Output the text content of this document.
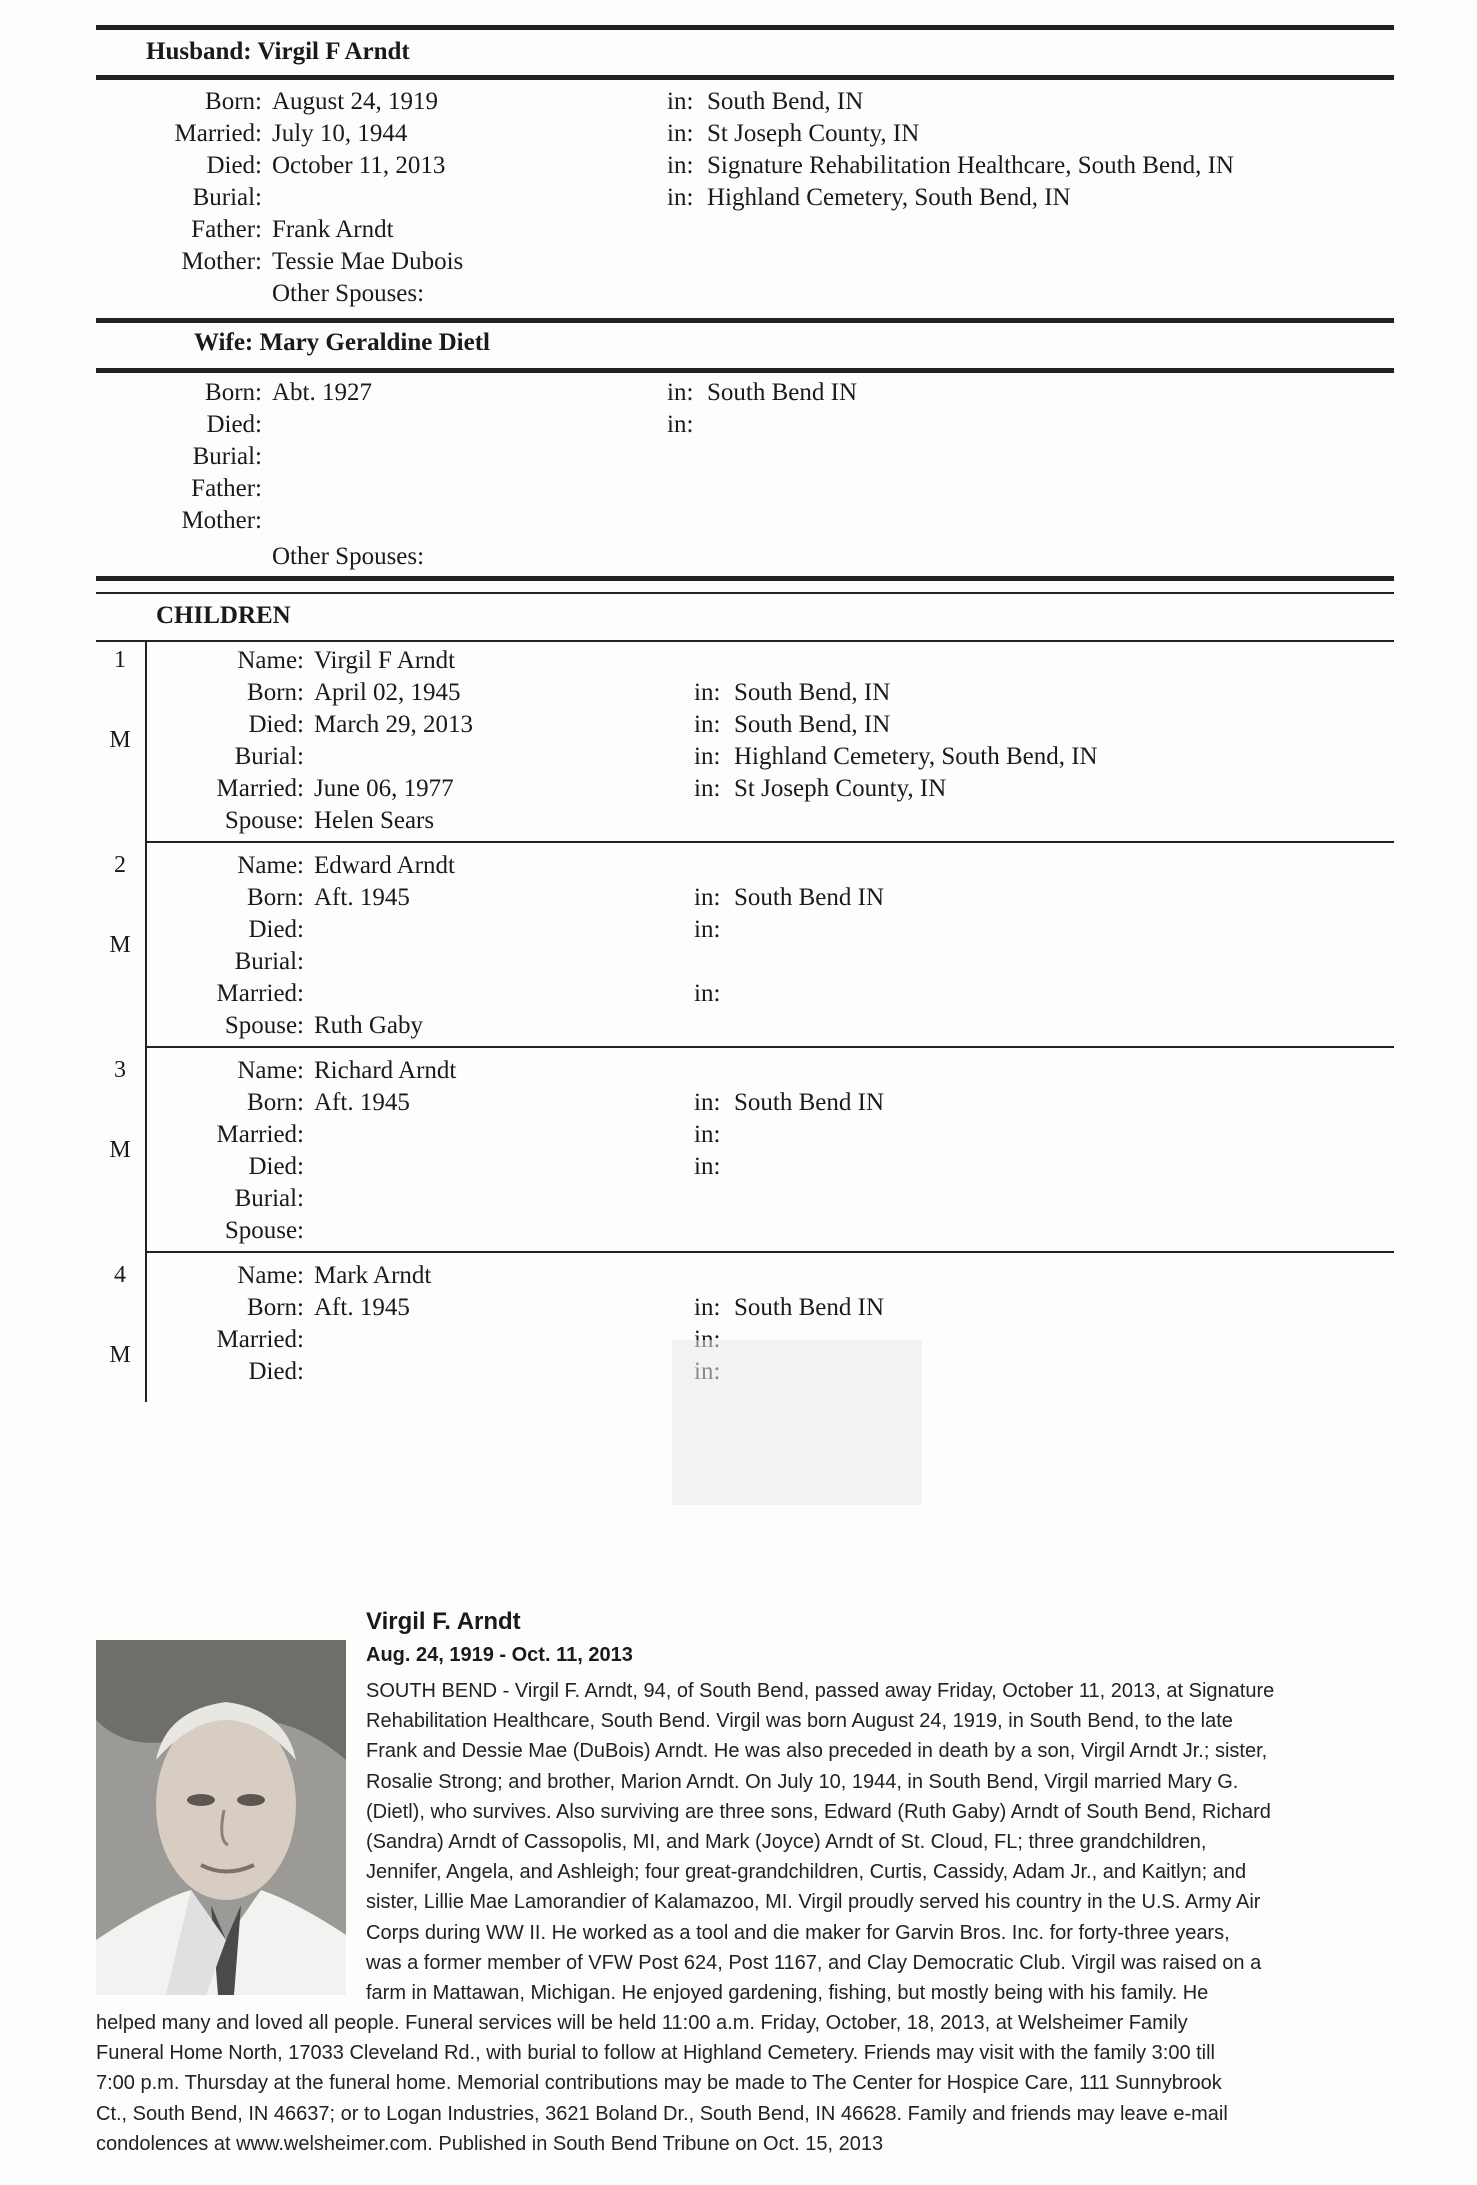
Husband: Virgil F Arndt
Wife: Mary Geraldine Dietl
CHILDREN
Born: August 24, 1919	in: South Bend, IN
Married: July 10, 1944	in: St Joseph County, IN
Died: October 11, 2013	in: Signature Rehabilitation Healthcare, South Bend, IN
Burial:	in: Highland Cemetery, South Bend, IN
Father: Frank Arndt
Mother: Tessie Mae Dubois
Other Spouses:
Born: Abt. 1927	in: South Bend IN
Died:	in:
Burial:
Father:
Mother:
Other Spouses:
1
M
Name: Virgil F Arndt
Born: April 02, 1945	in: South Bend, IN
Died: March 29, 2013	in: South Bend, IN
Burial:	in: Highland Cemetery, South Bend, IN
Married: June 06, 1977	in: St Joseph County, IN
Spouse: Helen Sears
2
M
Name: Edward Arndt
Born: Aft. 1945	in: South Bend IN
Died:	in:
Burial:
Married:	in:
Spouse: Ruth Gaby
3
M
Name: Richard Arndt
Born: Aft. 1945	in: South Bend IN
Married:	in:
Died:	in:
Burial:
Spouse:
4
M
Name: Mark Arndt
Born: Aft. 1945	in: South Bend IN
Married:
Died:
Virgil F. Arndt
Aug. 24, 1919 - Oct. 11, 2013
SOUTH BEND - Virgil F. Arndt, 94, of South Bend, passed away Friday, October 11, 2013, at Signature
Rehabilitation Healthcare, South Bend. Virgil was born August 24, 1919, in South Bend, to the late
Frank and Dessie Mae (DuBois) Arndt. He was also preceded in death by a son, Virgil Arndt Jr.; sister,
Rosalie Strong; and brother, Marion Arndt. On July 10, 1944, in South Bend, Virgil married Mary G.
(Dietl), who survives. Also surviving are three sons, Edward (Ruth Gaby) Arndt of South Bend, Richard
(Sandra) Arndt of Cassopolis, MI, and Mark (Joyce) Arndt of St. Cloud, FL; three grandchildren,
Jennifer, Angela, and Ashleigh; four great-grandchildren, Curtis, Cassidy, Adam Jr., and Kaitlyn; and
sister, Lillie Mae Lamorandier of Kalamazoo, MI. Virgil proudly served his country in the U.S. Army Air
Corps during WW II. He worked as a tool and die maker for Garvin Bros. Inc. for forty-three years,
was a former member of VFW Post 624, Post 1167, and Clay Democratic Club. Virgil was raised on a
farm in Mattawan, Michigan. He enjoyed gardening, fishing, but mostly being with his family. He
helped many and loved all people. Funeral services will be held 11:00 a.m. Friday, October, 18, 2013, at Welsheimer Family
Funeral Home North, 17033 Cleveland Rd., with burial to follow at Highland Cemetery. Friends may visit with the family 3:00 till
7:00 p.m. Thursday at the funeral home. Memorial contributions may be made to The Center for Hospice Care, 111 Sunnybrook
Ct., South Bend, IN 46637; or to Logan Industries, 3621 Boland Dr., South Bend, IN 46628. Family and friends may leave e-mail
condolences at www.welsheimer.com. Published in South Bend Tribune on Oct. 15, 2013
